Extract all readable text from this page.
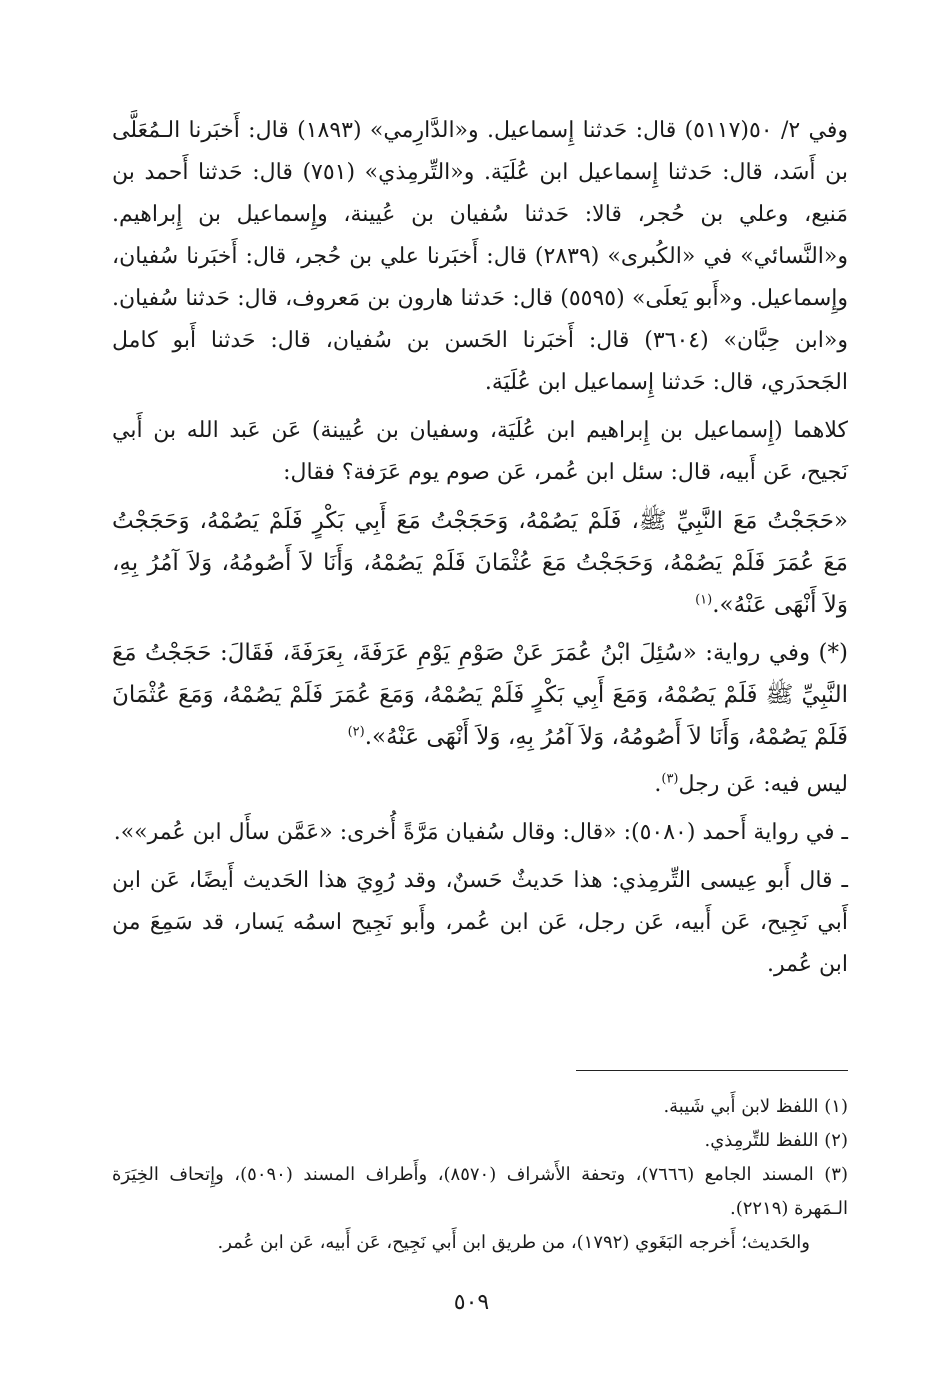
وفي ٢/ ٥٠(٥١١٧) قال: حَدثنا إِسماعيل. و«الدَّارِمي» (١٨٩٣) قال: أَخبَرنا الـمُعَلَّى بن أَسَد، قال: حَدثنا إِسماعيل ابن عُلَيَة. و«التِّرمِذي» (٧٥١) قال: حَدثنا أَحمد بن مَنيع، وعلي بن حُجر، قالا: حَدثنا سُفيان بن عُيينة، وإِسماعيل بن إِبراهيم. و«النَّسائي» في «الكُبرى» (٢٨٣٩) قال: أَخبَرنا علي بن حُجر، قال: أَخبَرنا سُفيان، وإِسماعيل. و«أَبو يَعلَى» (٥٥٩٥) قال: حَدثنا هارون بن مَعروف، قال: حَدثنا سُفيان. و«ابن حِبَّان» (٣٦٠٤) قال: أَخبَرنا الحَسن بن سُفيان، قال: حَدثنا أَبو كامل الجَحدَري، قال: حَدثنا إِسماعيل ابن عُلَيَة.

كلاهما (إِسماعيل بن إِبراهيم ابن عُلَيَة، وسفيان بن عُيينة) عَن عَبد الله بن أَبي نَجيح، عَن أَبيه، قال: سئل ابن عُمر، عَن صوم يوم عَرَفة؟ فقال:

«حَجَجْتُ مَعَ النَّبِيِّ ﷺ، فَلَمْ يَصُمْهُ، وَحَجَجْتُ مَعَ أَبِي بَكْرٍ فَلَمْ يَصُمْهُ، وَحَجَجْتُ مَعَ عُمَرَ فَلَمْ يَصُمْهُ، وَحَجَجْتُ مَعَ عُثْمَانَ فَلَمْ يَصُمْهُ، وَأَنَا لاَ أَصُومُهُ، وَلاَ آمُرُ بِهِ، وَلاَ أَنْهَى عَنْهُ».$^{(١)}$

(*) وفي رواية: «سُئِلَ ابْنُ عُمَرَ عَنْ صَوْمِ يَوْمِ عَرَفَةَ، بِعَرَفَةَ، فَقَالَ: حَجَجْتُ مَعَ النَّبِيِّ ﷺ فَلَمْ يَصُمْهُ، وَمَعَ أَبِي بَكْرٍ فَلَمْ يَصُمْهُ، وَمَعَ عُمَرَ فَلَمْ يَصُمْهُ، وَمَعَ عُثْمَانَ فَلَمْ يَصُمْهُ، وَأَنَا لاَ أَصُومُهُ، وَلاَ آمُرُ بِهِ، وَلاَ أَنْهَى عَنْهُ».$^{(٢)}$

ليس فيه: عَن رجل$^{(٣)}$.

ـ في رواية أَحمد (٥٠٨٠): «قال: وقال سُفيان مَرَّةً أُخرى: «عَمَّن سأَل ابن عُمر»».

ـ قال أَبو عِيسى التِّرمِذي: هذا حَديثٌ حَسنٌ، وقد رُوِيَ هذا الحَديث أَيضًا، عَن ابن أَبي نَجِيح، عَن أَبيه، عَن رجل، عَن ابن عُمر، وأَبو نَجِيح اسمُه يَسار، قد سَمِعَ من ابن عُمر.

(١) اللفظ لابن أَبي شَيبة.

(٢) اللفظ للتِّرمِذي.

(٣) المسند الجامع (٧٦٦٦)، وتحفة الأَشراف (٨٥٧٠)، وأَطراف المسند (٥٠٩٠)، وإِتحاف الخِيَرَة الـمَهرة (٢٢١٩).

والحَديث؛ أَخرجه البَغَوي (١٧٩٢)، من طريق ابن أَبي نَجِيح، عَن أَبيه، عَن ابن عُمر.

٥٠٩
